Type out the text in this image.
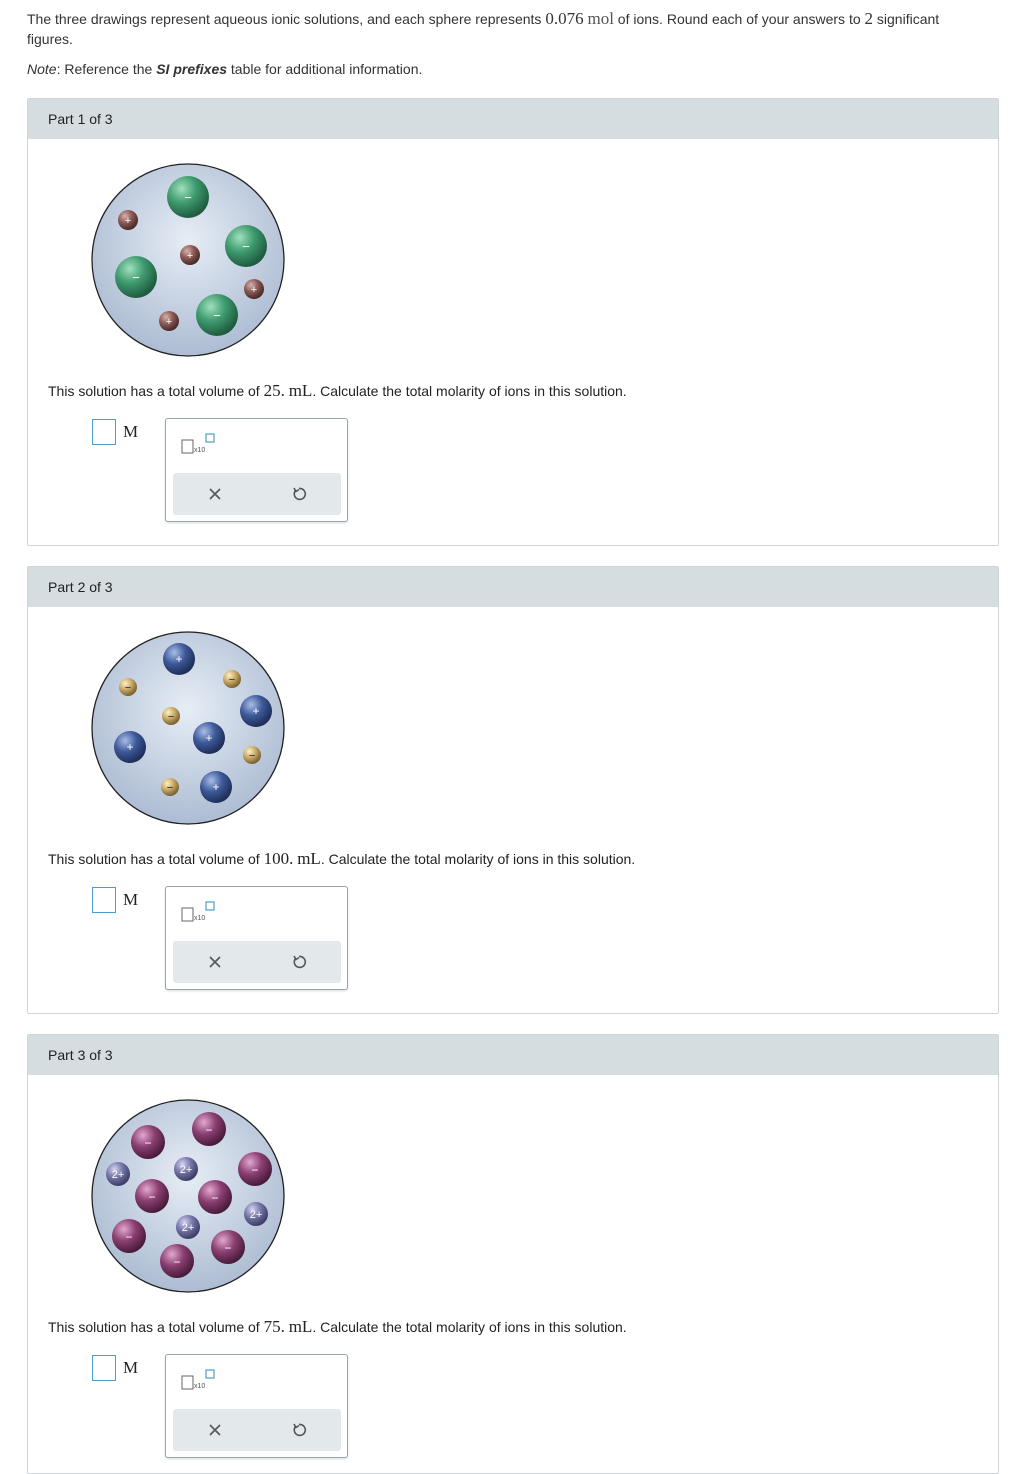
The three drawings represent aqueous ionic solutions, and each sphere represents 0.076 mol of ions. Round each of your answers to 2 significant figures.
Note: Reference the SI prefixes table for additional information.
Part 1 of 3
−
−
−
−
+
+
+
+
This solution has a total volume of 25. mL. Calculate the total molarity of ions in this solution.
M
x10
Part 2 of 3
+
+
+
+
+
−
−
−
−
−
This solution has a total volume of 100. mL. Calculate the total molarity of ions in this solution.
M
x10
Part 3 of 3
−
−
−
−	−
−
−
−
2+	2+
2+
2+
This solution has a total volume of 75. mL. Calculate the total molarity of ions in this solution.
M
x10
